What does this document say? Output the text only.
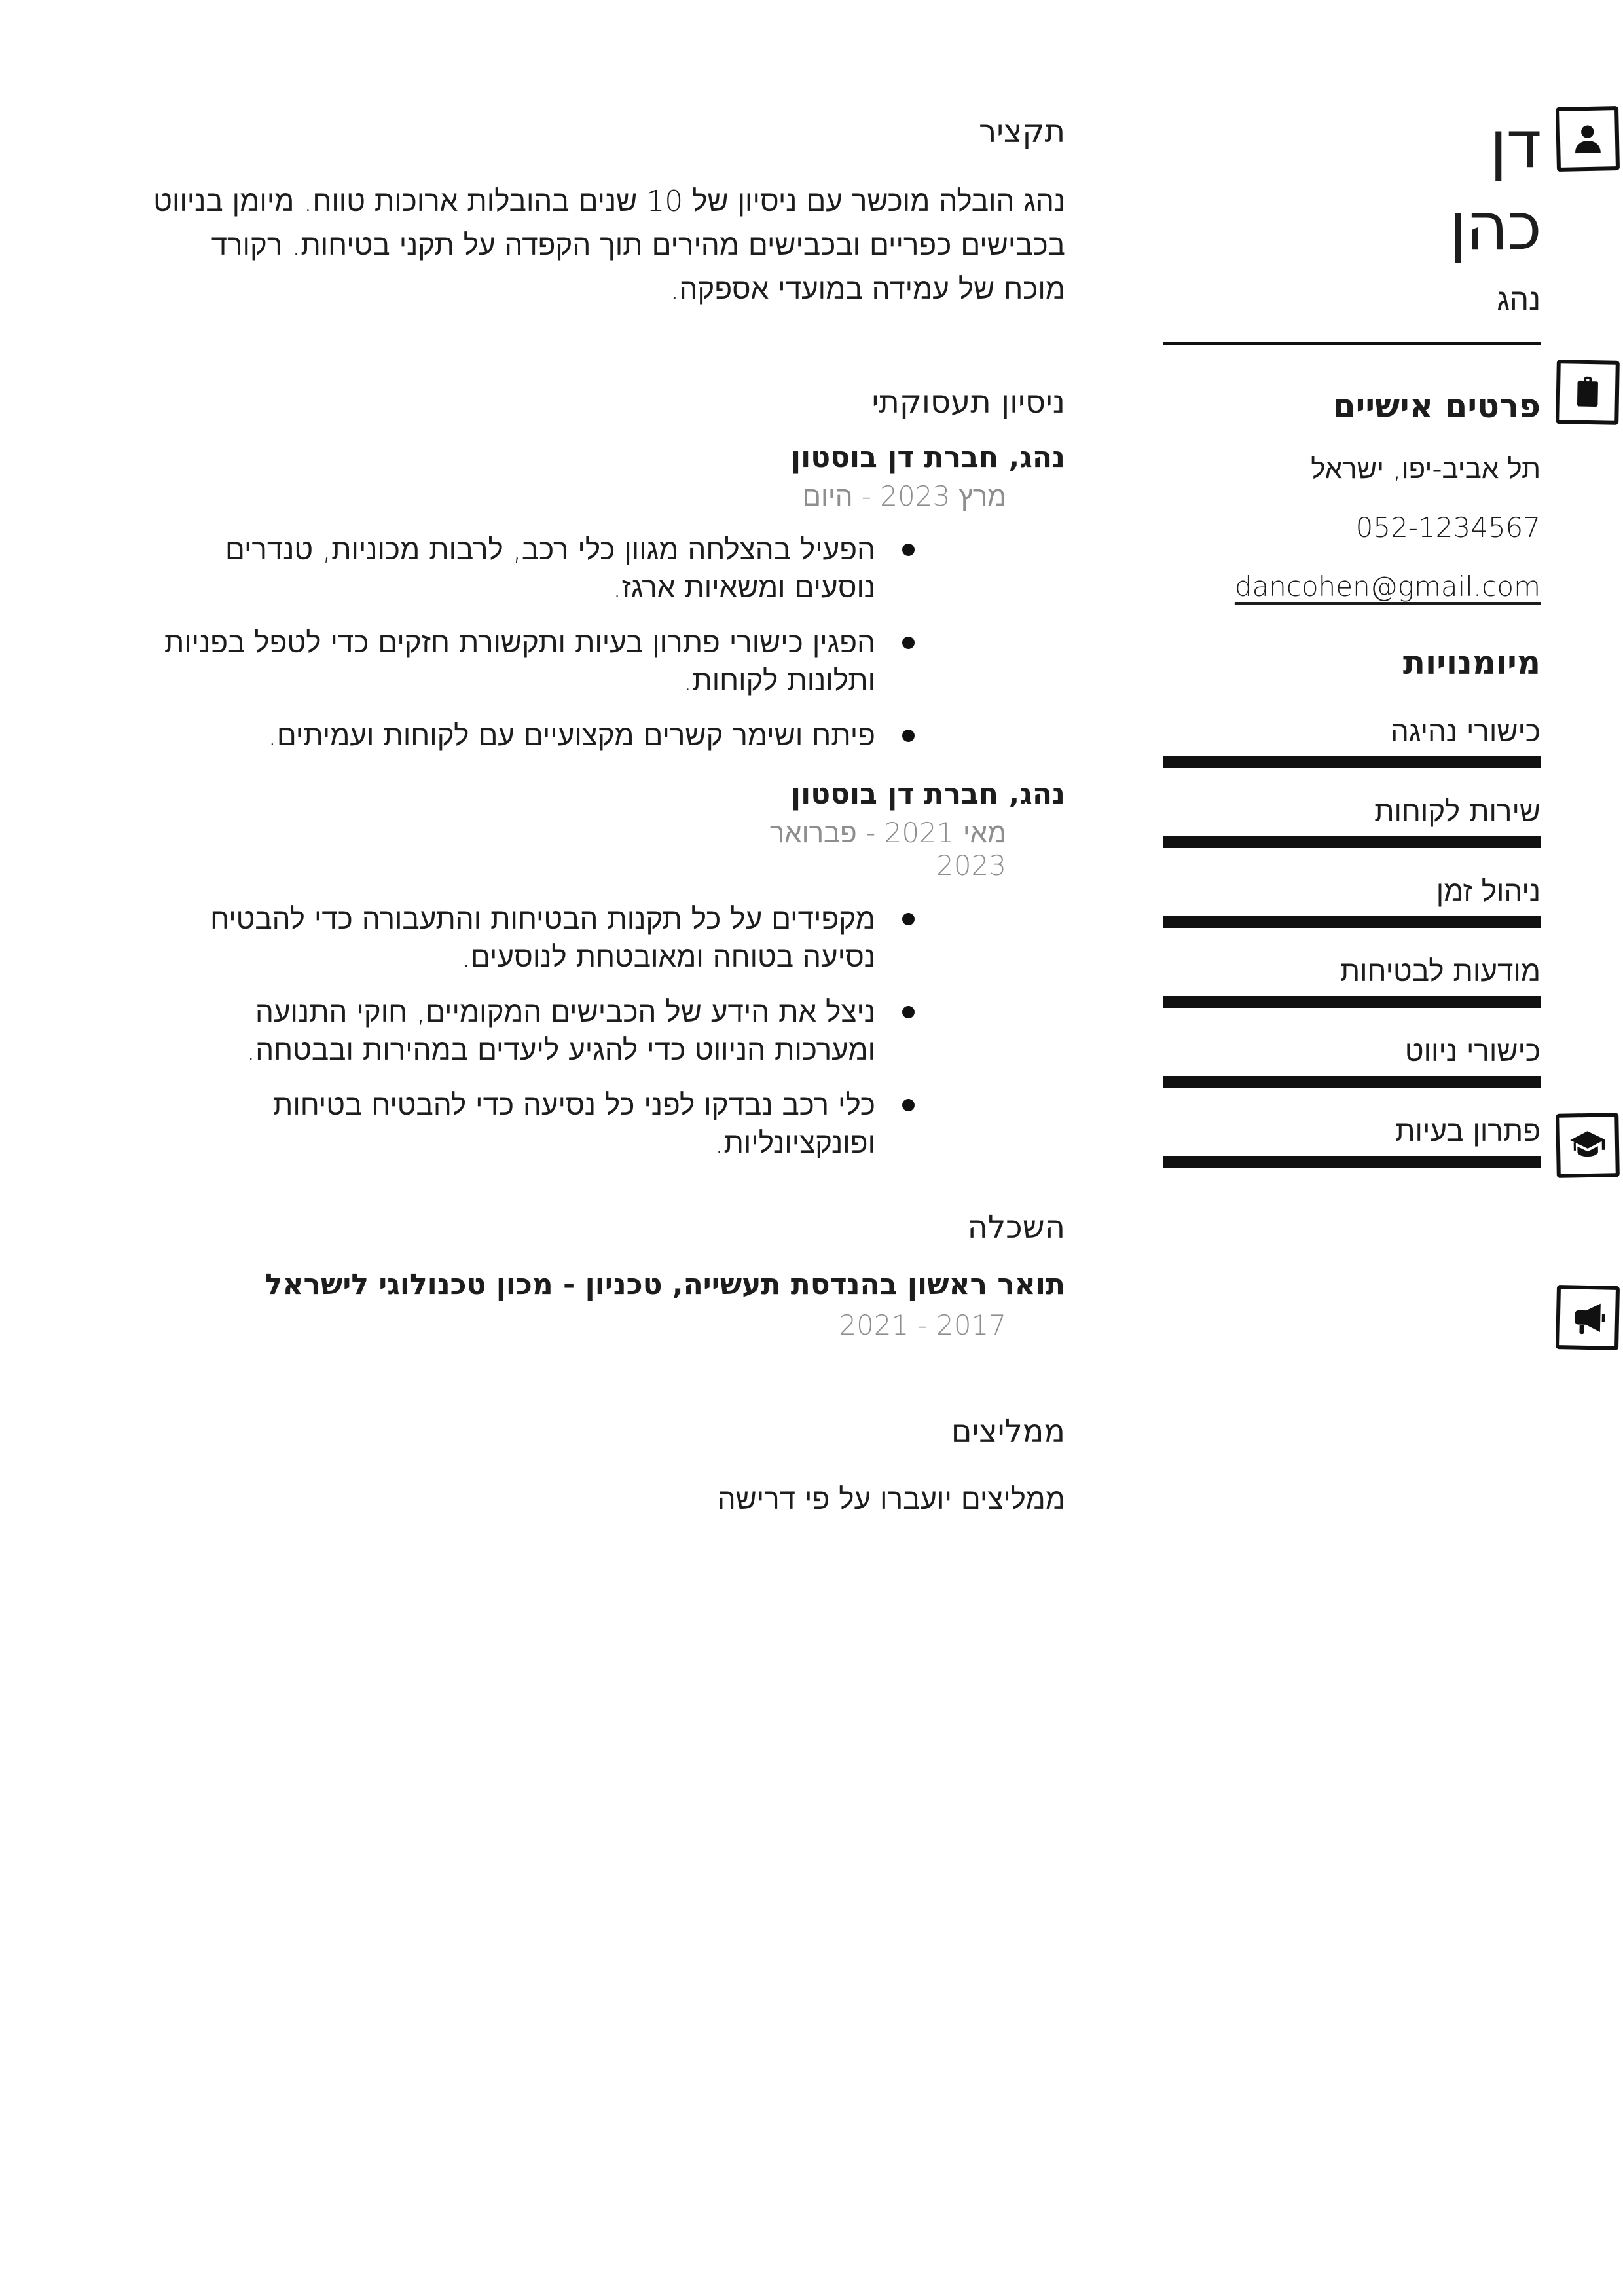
תקציר

נהג הובלה מוכשר עם ניסיון של 10 שנים בהובלות ארוכות טווח. מיומן בניווט בכבישים כפריים ובכבישים מהירים תוך הקפדה על תקני בטיחות. רקורד מוכח של עמידה במועדי אספקה.

ניסיון תעסוקתי
נהג, חברת דן בוסטון
מרץ 2023 - היום
הפעיל בהצלחה מגוון כלי רכב, לרבות מכוניות, טנדרים נוסעים ומשאיות ארגז.
הפגין כישורי פתרון בעיות ותקשורת חזקים כדי לטפל בפניות ותלונות לקוחות.
פיתח ושימר קשרים מקצועיים עם לקוחות ועמיתים.
נהג, חברת דן בוסטון
מאי 2021 - פברואר 2023
מקפידים על כל תקנות הבטיחות והתעבורה כדי להבטיח נסיעה בטוחה ומאובטחת לנוסעים.
ניצל את הידע של הכבישים המקומיים, חוקי התנועה ומערכות הניווט כדי להגיע ליעדים במהירות ובבטחה.
כלי רכב נבדקו לפני כל נסיעה כדי להבטיח בטיחות ופונקציונליות.
השכלה
תואר ראשון בהנדסת תעשייה, טכניון - מכון טכנולוגי לישראל
2017 - 2021
ממליצים
ממליצים יועברו על פי דרישה
דן
כהן
נהג
פרטים אישיים
תל אביב-יפו, ישראל
052-1234567
dancohen@gmail.com
מיומנויות
כישורי נהיגה
שירות לקוחות
ניהול זמן
מודעות לבטיחות
כישורי ניווט
פתרון בעיות
